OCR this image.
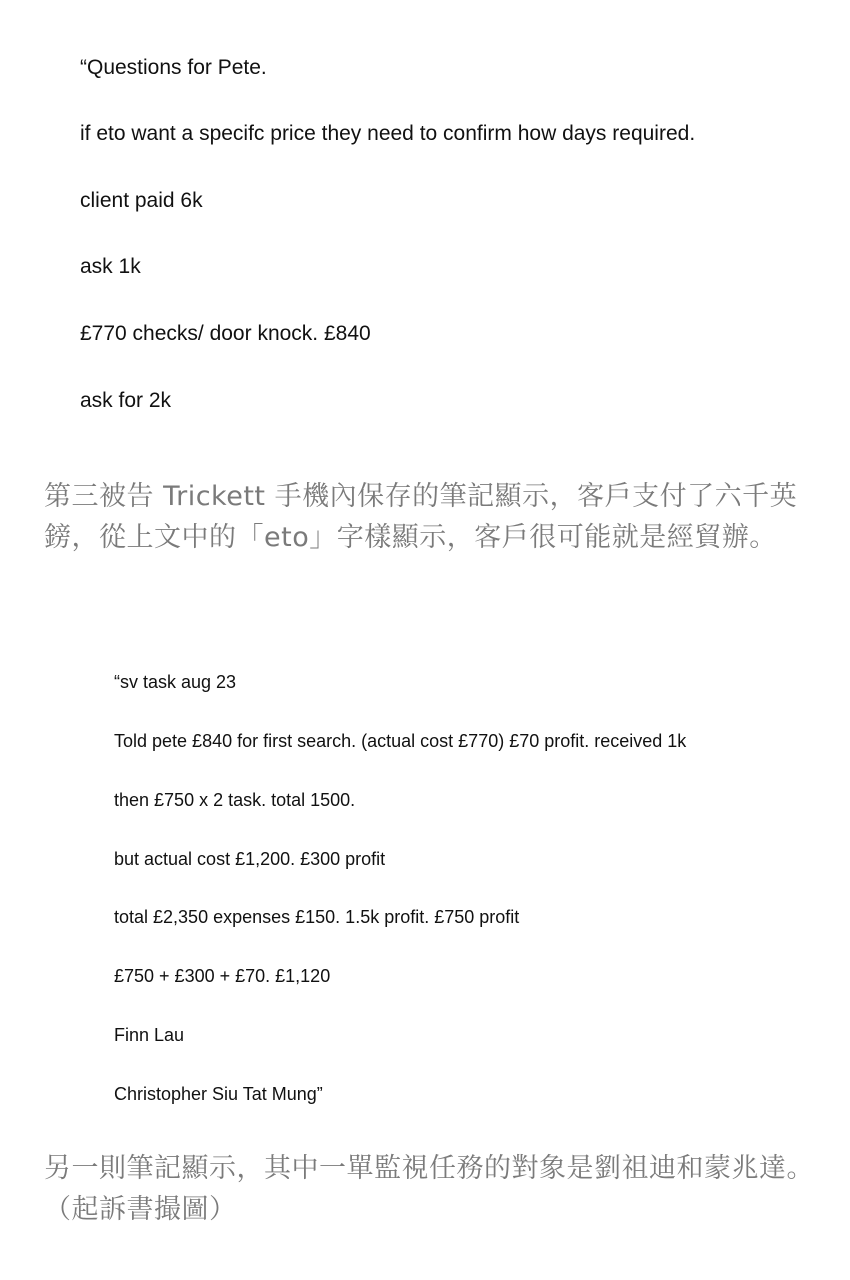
“Questions for Pete.
if eto want a specifc price they need to confirm how days required.
client paid 6k
ask 1k
£770 checks/ door knock. £840
ask for 2k
第三被告 Trickett 手機內保存的筆記顯示，客戶支付了六千英鎊，從上文中的「eto」字樣顯示，客戶很可能就是經貿辦。
“sv task aug 23
Told pete £840 for first search. (actual cost £770) £70 profit. received 1k
then £750 x 2 task. total 1500.
but actual cost £1,200. £300 profit
total £2,350 expenses £150. 1.5k profit. £750 profit
£750 + £300 + £70. £1,120
Finn Lau
Christopher Siu Tat Mung”
另一則筆記顯示，其中一單監視任務的對象是劉祖迪和蒙兆達。 （起訴書撮圖）
